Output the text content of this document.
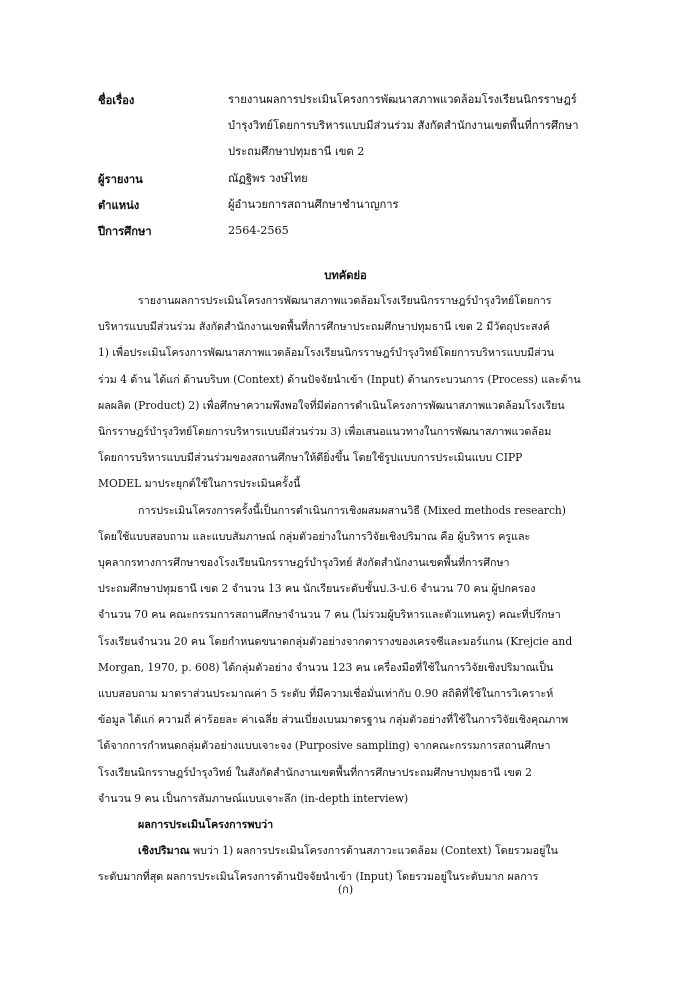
ชื่อเรื่อง	รายงานผลการประเมินโครงการพัฒนาสภาพแวดล้อมโรงเรียนนิกรราษฎร์
บำรุงวิทย์โดยการบริหารแบบมีส่วนร่วม สังกัดสำนักงานเขตพื้นที่การศึกษา
ประถมศึกษาปทุมธานี เขต 2
ผู้รายงาน	ณัฏฐิพร วงษ์ไทย
ตำแหน่ง	ผู้อำนวยการสถานศึกษาชำนาญการ
ปีการศึกษา	2564-2565
บทคัดย่อ
รายงานผลการประเมินโครงการพัฒนาสภาพแวดล้อมโรงเรียนนิกรราษฎร์บำรุงวิทย์โดยการ
บริหารแบบมีส่วนร่วม สังกัดสำนักงานเขตพื้นที่การศึกษาประถมศึกษาปทุมธานี เขต 2 มีวัตถุประสงค์
1) เพื่อประเมินโครงการพัฒนาสภาพแวดล้อมโรงเรียนนิกรราษฎร์บำรุงวิทย์โดยการบริหารแบบมีส่วน
ร่วม 4 ด้าน ได้แก่ ด้านบริบท (Context) ด้านปัจจัยนำเข้า (Input) ด้านกระบวนการ (Process) และด้าน
ผลผลิต (Product) 2) เพื่อศึกษาความพึงพอใจที่มีต่อการดำเนินโครงการพัฒนาสภาพแวดล้อมโรงเรียน
นิกรราษฎร์บำรุงวิทย์โดยการบริหารแบบมีส่วนร่วม 3) เพื่อเสนอแนวทางในการพัฒนาสภาพแวดล้อม
โดยการบริหารแบบมีส่วนร่วมของสถานศึกษาให้ดียิ่งขึ้น โดยใช้รูปแบบการประเมินแบบ CIPP
MODEL มาประยุกต์ใช้ในการประเมินครั้งนี้
การประเมินโครงการครั้งนี้เป็นการดำเนินการเชิงผสมผสานวิธี (Mixed methods research)
โดยใช้แบบสอบถาม และแบบสัมภาษณ์ กลุ่มตัวอย่างในการวิจัยเชิงปริมาณ คือ ผู้บริหาร ครูและ
บุคลากรทางการศึกษาของโรงเรียนนิกรราษฎร์บำรุงวิทย์ สังกัดสำนักงานเขตพื้นที่การศึกษา
ประถมศึกษาปทุมธานี เขต 2 จำนวน 13 คน นักเรียนระดับชั้นป.3-ป.6 จำนวน 70 คน ผู้ปกครอง
จำนวน 70 คน คณะกรรมการสถานศึกษาจำนวน 7 คน (ไม่รวมผู้บริหารและตัวแทนครู) คณะที่ปรึกษา
โรงเรียนจำนวน 20 คน โดยกำหนดขนาดกลุ่มตัวอย่างจากตารางของเครจซีและมอร์แกน (Krejcie and
Morgan, 1970, p. 608) ได้กลุ่มตัวอย่าง จำนวน 123 คน เครื่องมือที่ใช้ในการวิจัยเชิงปริมาณเป็น
แบบสอบถาม มาตราส่วนประมาณค่า 5 ระดับ ที่มีความเชื่อมั่นเท่ากับ 0.90 สถิติที่ใช้ในการวิเคราะห์
ข้อมูล ได้แก่ ความถี่ ค่าร้อยละ ค่าเฉลี่ย ส่วนเบี่ยงเบนมาตรฐาน กลุ่มตัวอย่างที่ใช้ในการวิจัยเชิงคุณภาพ
ได้จากการกำหนดกลุ่มตัวอย่างแบบเจาะจง (Purposive sampling) จากคณะกรรมการสถานศึกษา
โรงเรียนนิกรราษฎร์บำรุงวิทย์ ในสังกัดสำนักงานเขตพื้นที่การศึกษาประถมศึกษาปทุมธานี เขต 2
จำนวน 9 คน เป็นการสัมภาษณ์แบบเจาะลึก (in-depth interview)
ผลการประเมินโครงการพบว่า
เชิงปริมาณ พบว่า 1) ผลการประเมินโครงการด้านสภาวะแวดล้อม (Context) โดยรวมอยู่ใน
ระดับมากที่สุด ผลการประเมินโครงการด้านปัจจัยนำเข้า (Input) โดยรวมอยู่ในระดับมาก ผลการ
(ก)
